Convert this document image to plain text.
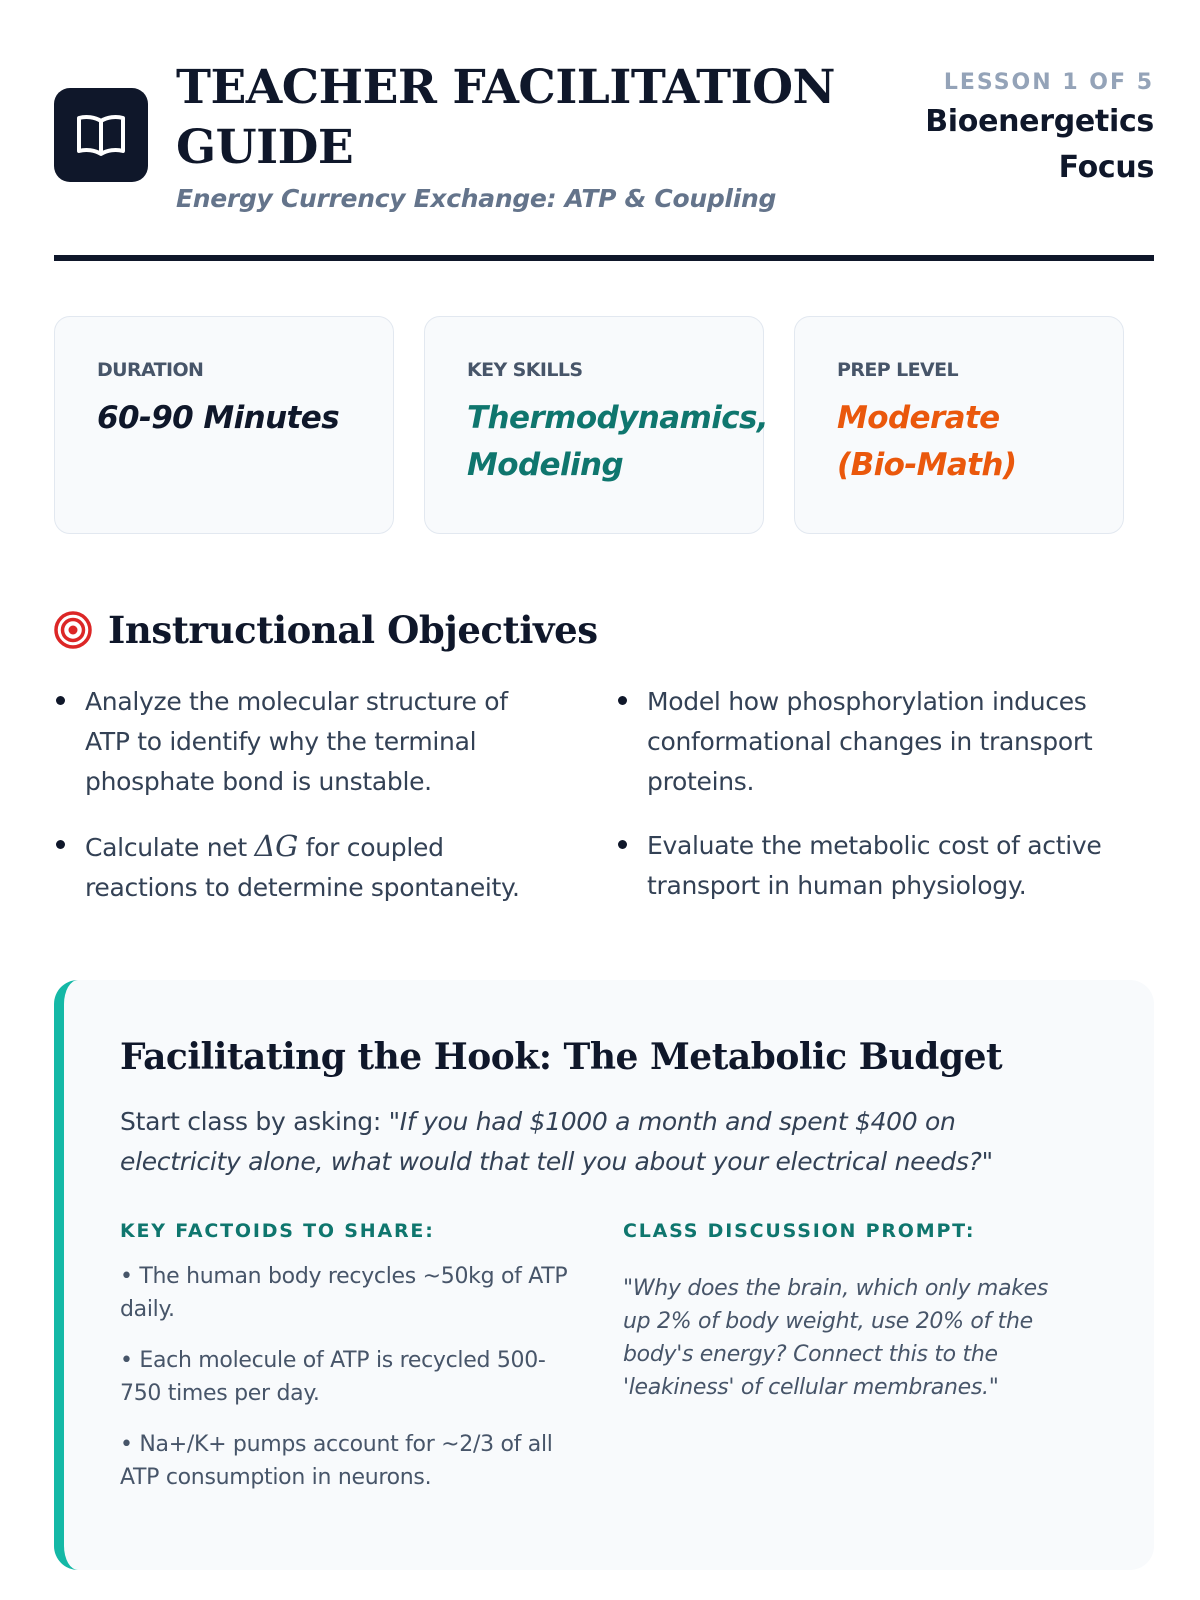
TEACHER FACILITATION
GUIDE
Energy Currency Exchange: ATP & Coupling
LESSON 1 OF 5
Bioenergetics
Focus
DURATION
60-90 Minutes
KEY SKILLS
Thermodynamics, Modeling
PREP LEVEL
Moderate (Bio-Math)
Instructional Objectives
Analyze the molecular structure of ATP to identify why the terminal phosphate bond is unstable.
Calculate net ΔG for coupled reactions to determine spontaneity.
Model how phosphorylation induces conformational changes in transport proteins.
Evaluate the metabolic cost of active transport in human physiology.
Facilitating the Hook: The Metabolic Budget
Start class by asking: "If you had $1000 a month and spent $400 on electricity alone, what would that tell you about your electrical needs?"
KEY FACTOIDS TO SHARE:
• The human body recycles ~50kg of ATP daily.
• Each molecule of ATP is recycled 500-750 times per day.
• Na+/K+ pumps account for ~2/3 of all ATP consumption in neurons.
CLASS DISCUSSION PROMPT:
"Why does the brain, which only makes up 2% of body weight, use 20% of the body's energy? Connect this to the 'leakiness' of cellular membranes."
